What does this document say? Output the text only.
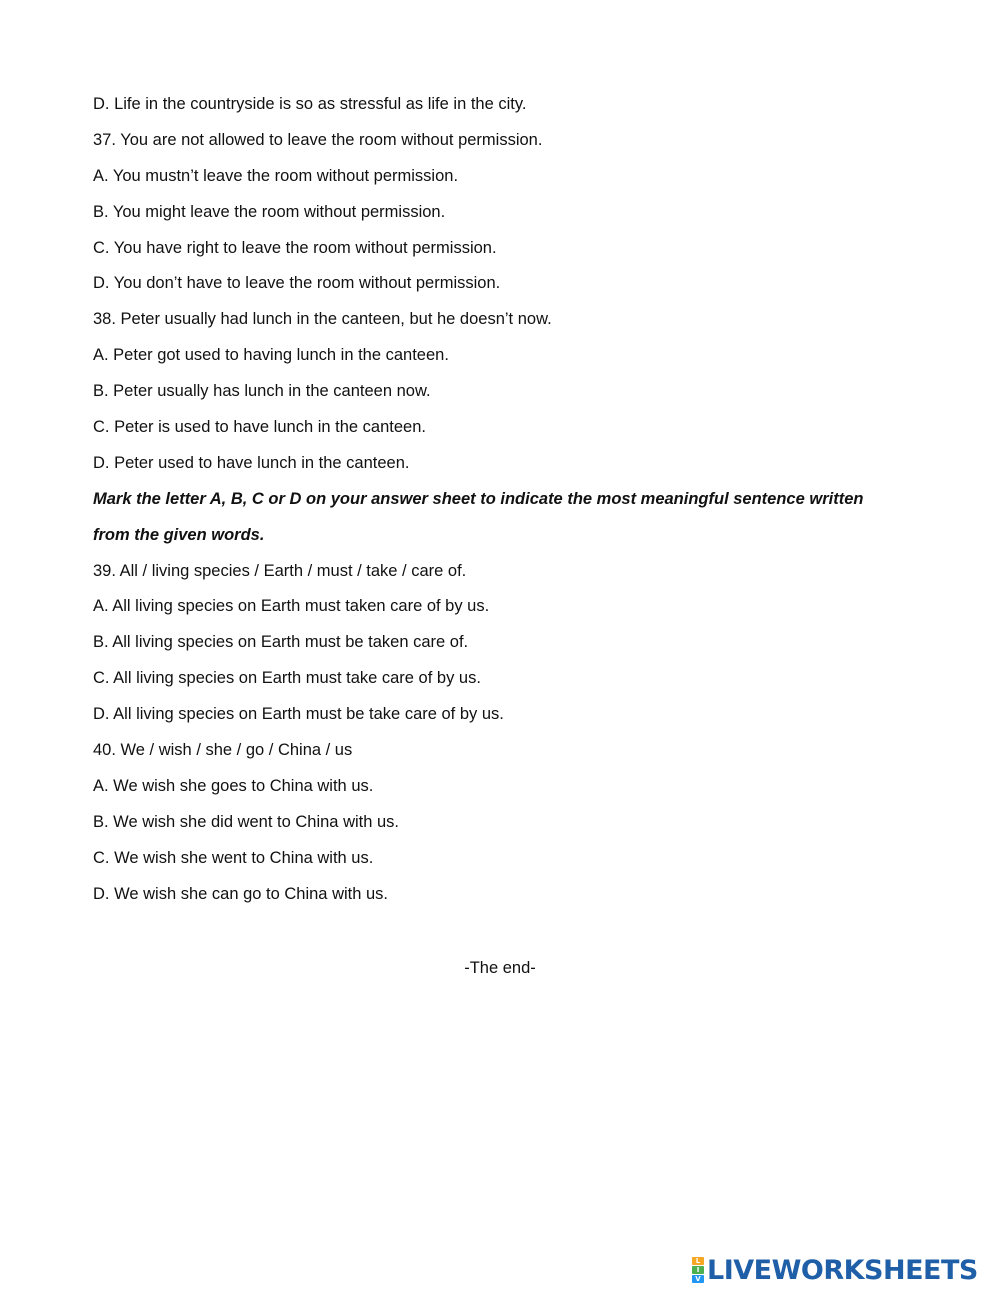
D. Life in the countryside is so as stressful as life in the city.
37. You are not allowed to leave the room without permission.
A. You mustn’t leave the room without permission.
B. You might leave the room without permission.
C. You have right to leave the room without permission.
D. You don’t have to leave the room without permission.
38. Peter usually had lunch in the canteen, but he doesn’t now.
A. Peter got used to having lunch in the canteen.
B. Peter usually has lunch in the canteen now.
C. Peter is used to have lunch in the canteen.
D. Peter used to have lunch in the canteen.
Mark the letter A, B, C or D on your answer sheet to indicate the most meaningful sentence written
from the given words.
39. All / living species / Earth / must / take / care of.
A. All living species on Earth must taken care of by us.
B. All living species on Earth must be taken care of.
C. All living species on Earth must take care of by us.
D. All living species on Earth must be take care of by us.
40. We / wish / she / go / China / us
A. We wish she goes to China with us.
B. We wish she did went to China with us.
C. We wish she went to China with us.
D. We wish she can go to China with us.
-The end-
L
I
V LIVEWORKSHEETS
